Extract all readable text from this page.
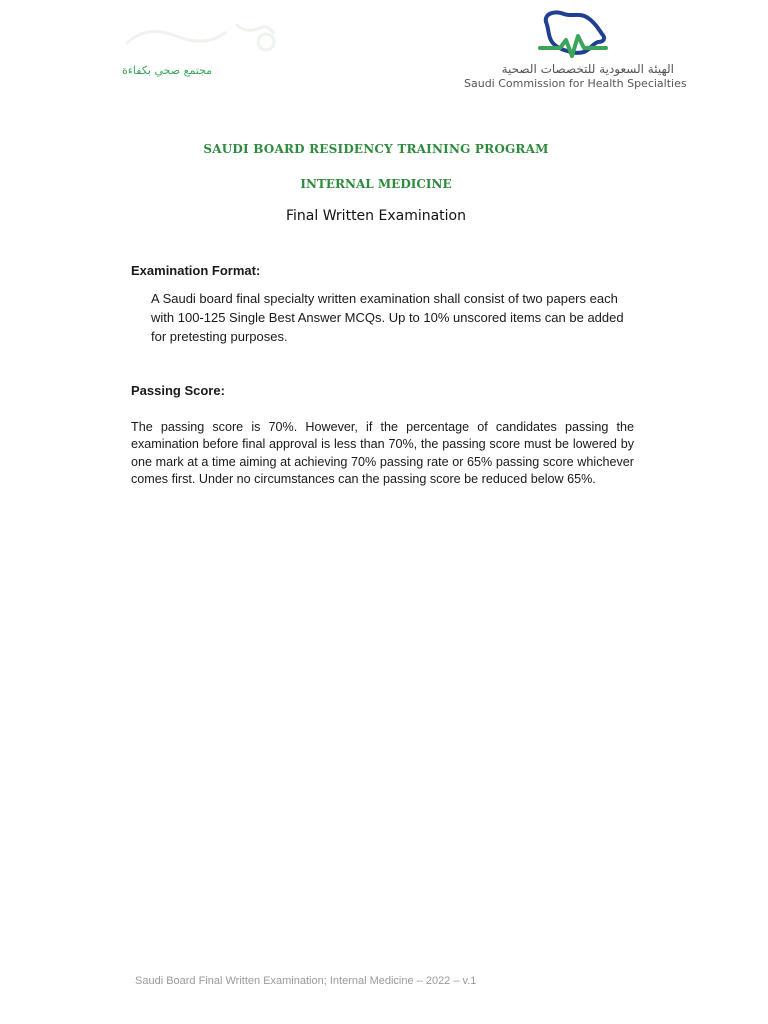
مجتمع صحي بكفاءة	الهيئة السعودية للتخصصات الصحية
Saudi Commission for Health Specialties
SAUDI BOARD RESIDENCY TRAINING PROGRAM
INTERNAL MEDICINE
Final Written Examination
Examination Format:
A Saudi board final specialty written examination shall consist of two papers each with 100-125 Single Best Answer MCQs. Up to 10% unscored items can be added for pretesting purposes.
Passing Score:
The passing score is 70%. However, if the percentage of candidates passing the examination before final approval is less than 70%, the passing score must be lowered by one mark at a time aiming at achieving 70% passing rate or 65% passing score whichever comes first. Under no circumstances can the passing score be reduced below 65%.
Saudi Board Final Written Examination; Internal Medicine – 2022 – v.1
